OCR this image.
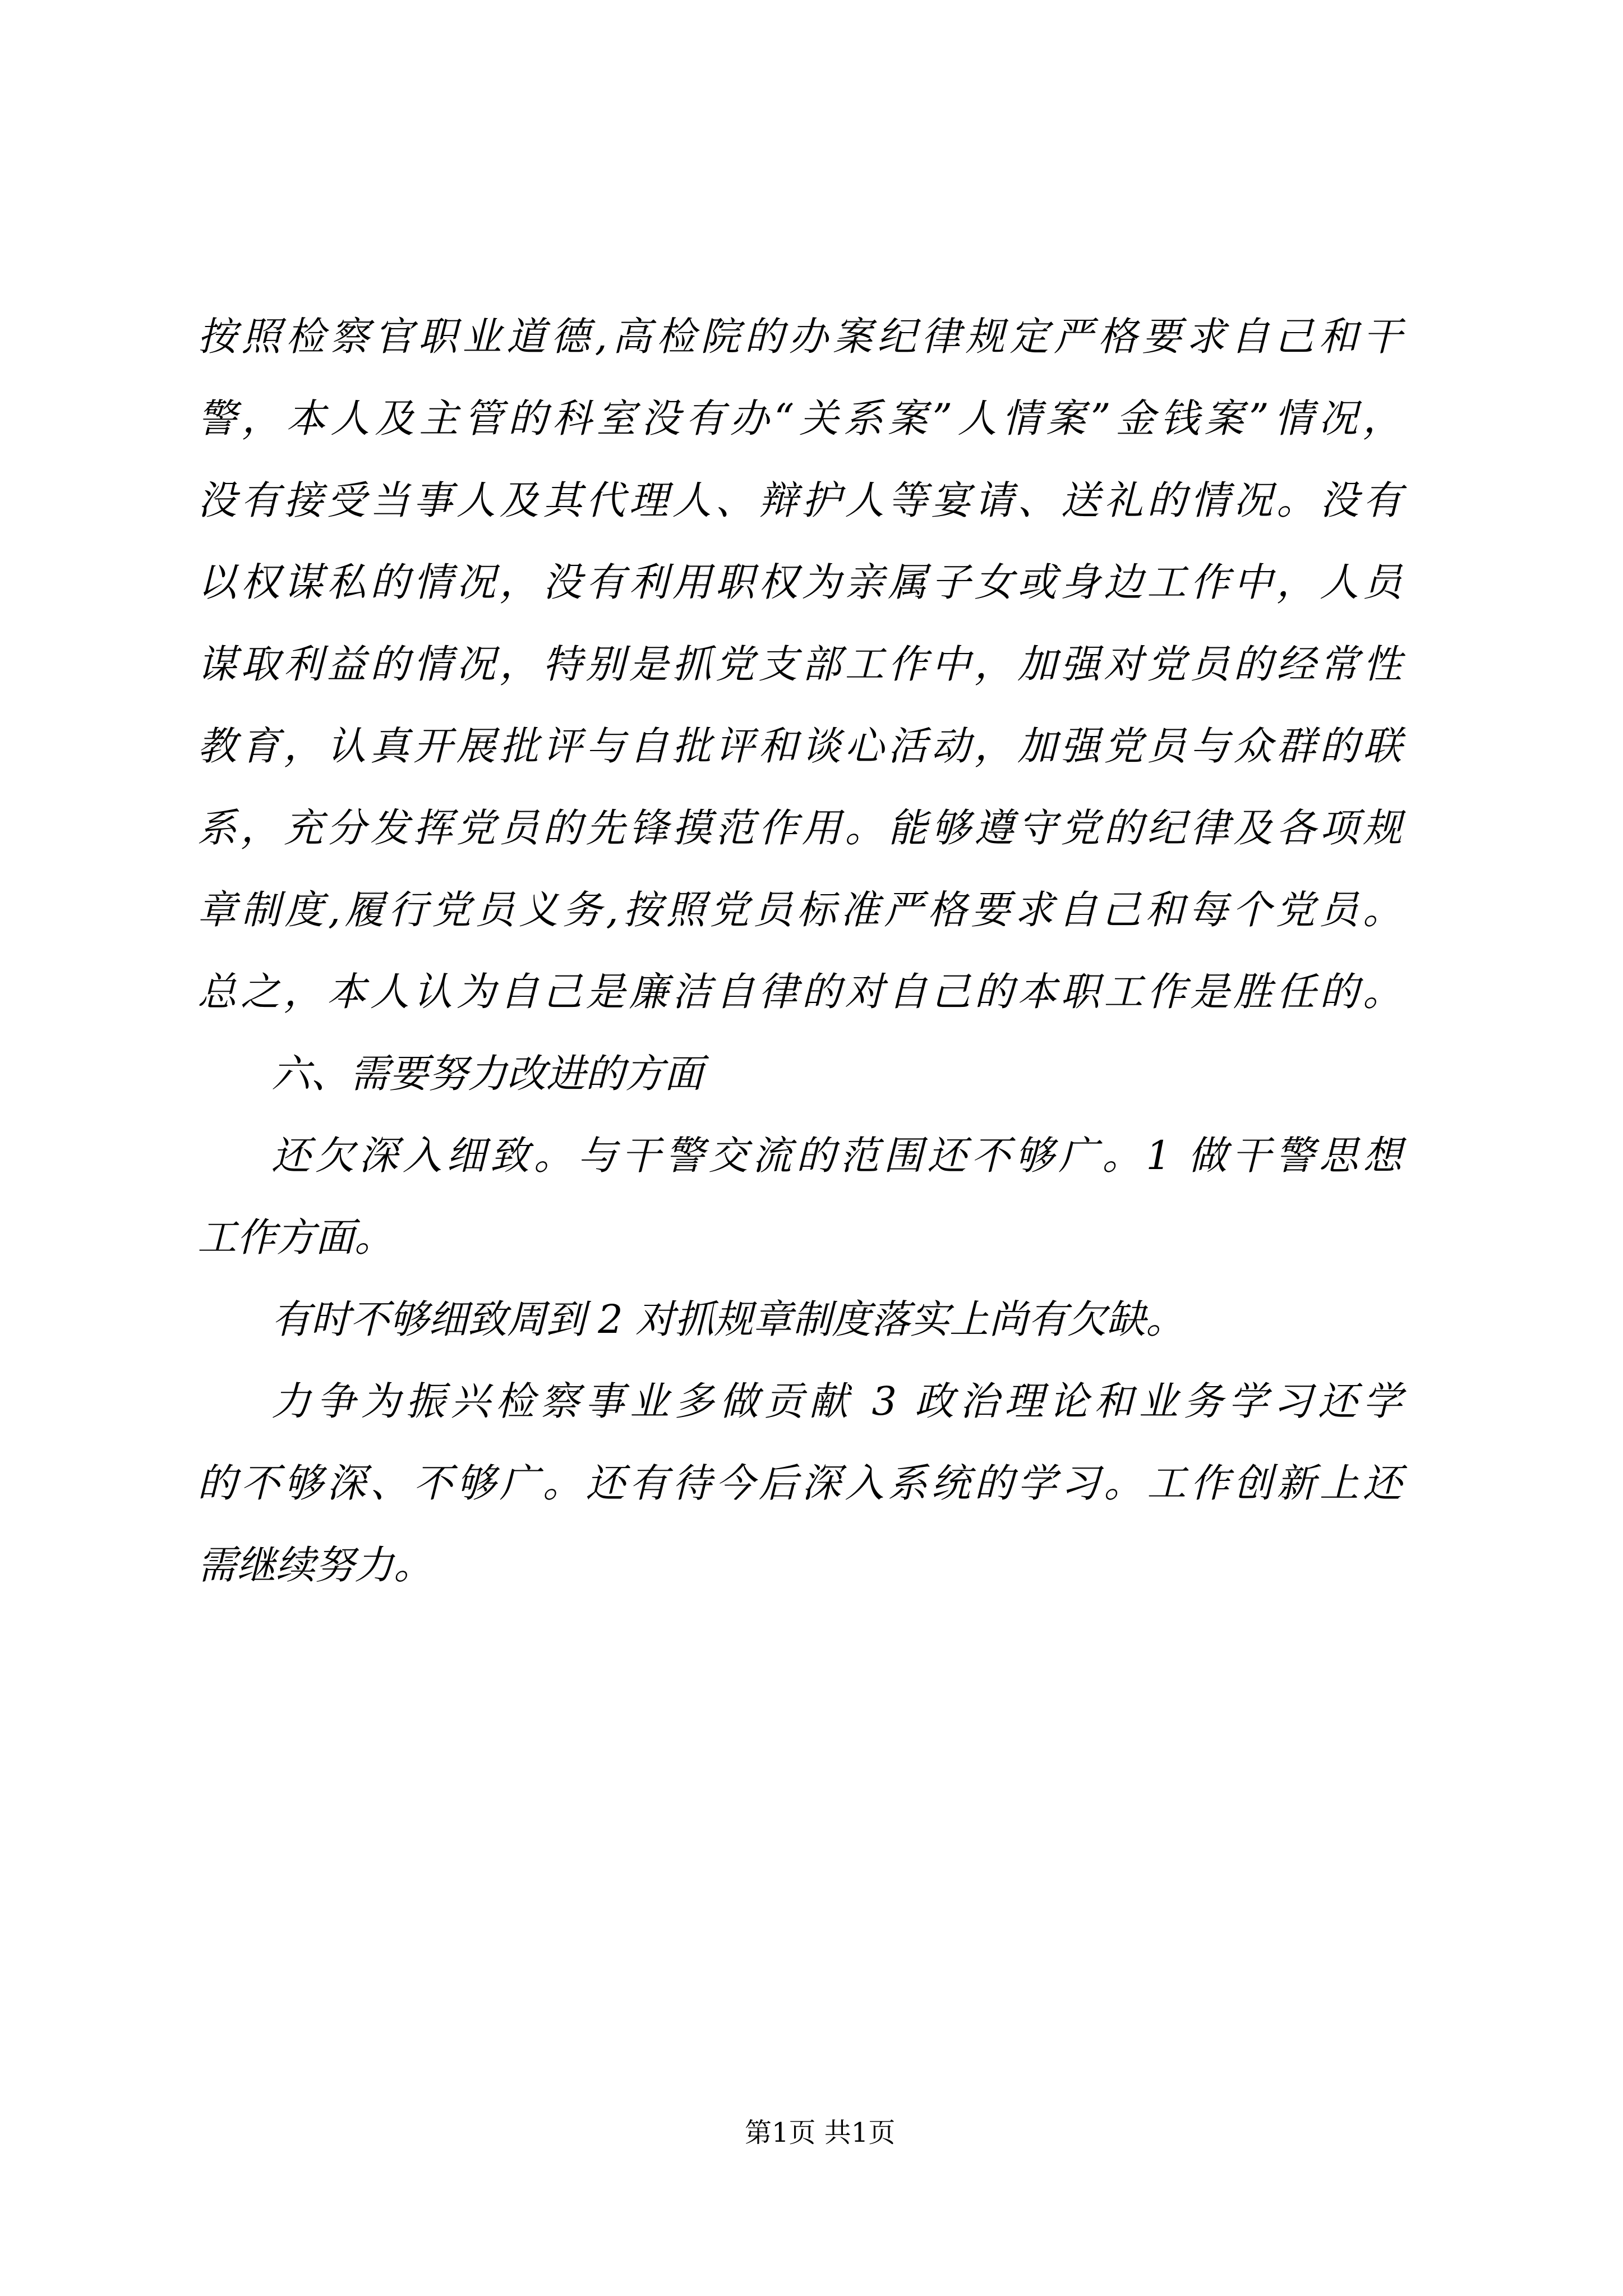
按照检察官职业道德,高检院的办案纪律规定严格要求自己和干
警，本人及主管的科室没有办“关系案”人情案”金钱案”情况，
没有接受当事人及其代理人、辩护人等宴请、送礼的情况。没有
以权谋私的情况，没有利用职权为亲属子女或身边工作中，人员
谋取利益的情况，特别是抓党支部工作中，加强对党员的经常性
教育，认真开展批评与自批评和谈心活动，加强党员与众群的联
系，充分发挥党员的先锋摸范作用。能够遵守党的纪律及各项规
章制度,履行党员义务,按照党员标准严格要求自己和每个党员。
总之，本人认为自己是廉洁自律的对自己的本职工作是胜任的。
六、需要努力改进的方面
还欠深入细致。与干警交流的范围还不够广。1 做干警思想
工作方面。
有时不够细致周到 2 对抓规章制度落实上尚有欠缺。
力争为振兴检察事业多做贡献 3 政治理论和业务学习还学
的不够深、不够广。还有待今后深入系统的学习。工作创新上还
需继续努力。
第1页 共1页
